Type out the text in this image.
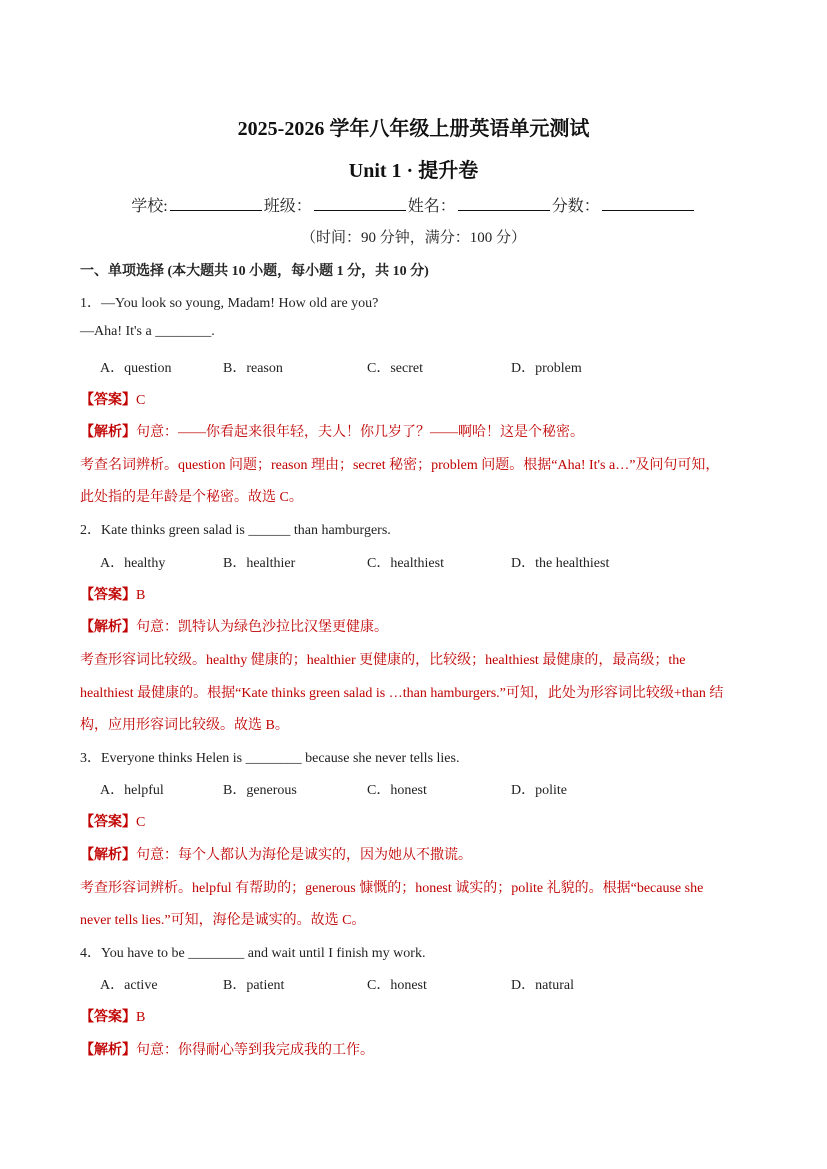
2025-2026 学年八年级上册英语单元测试
Unit 1 · 提升卷
学校:	班级：	姓名：	分数：
（时间：90 分钟，满分：100 分）
一、单项选择 (本大题共 10 小题，每小题 1 分，共 10 分)
1．—You look so young, Madam! How old are you?
—Aha! It's a ________.
A．question	B．reason	C．secret	D．problem
【答案】C
【解析】句意：——你看起来很年轻，夫人！你几岁了？——啊哈！这是个秘密。
考查名词辨析。question 问题；reason 理由；secret 秘密；problem 问题。根据“Aha! It's a…”及问句可知，
此处指的是年龄是个秘密。故选 C。
2．Kate thinks green salad is ______ than hamburgers.
A．healthy	B．healthier	C．healthiest	D．the healthiest
【答案】B
【解析】句意：凯特认为绿色沙拉比汉堡更健康。
考查形容词比较级。healthy 健康的；healthier 更健康的，比较级；healthiest 最健康的，最高级；the
healthiest 最健康的。根据“Kate thinks green salad is …than hamburgers.”可知，此处为形容词比较级+than 结
构，应用形容词比较级。故选 B。
3．Everyone thinks Helen is ________ because she never tells lies.
A．helpful	B．generous	C．honest	D．polite
【答案】C
【解析】句意：每个人都认为海伦是诚实的，因为她从不撒谎。
考查形容词辨析。helpful 有帮助的；generous 慷慨的；honest 诚实的；polite 礼貌的。根据“because she
never tells lies.”可知，海伦是诚实的。故选 C。
4．You have to be ________ and wait until I finish my work.
A．active	B．patient	C．honest	D．natural
【答案】B
【解析】句意：你得耐心等到我完成我的工作。
